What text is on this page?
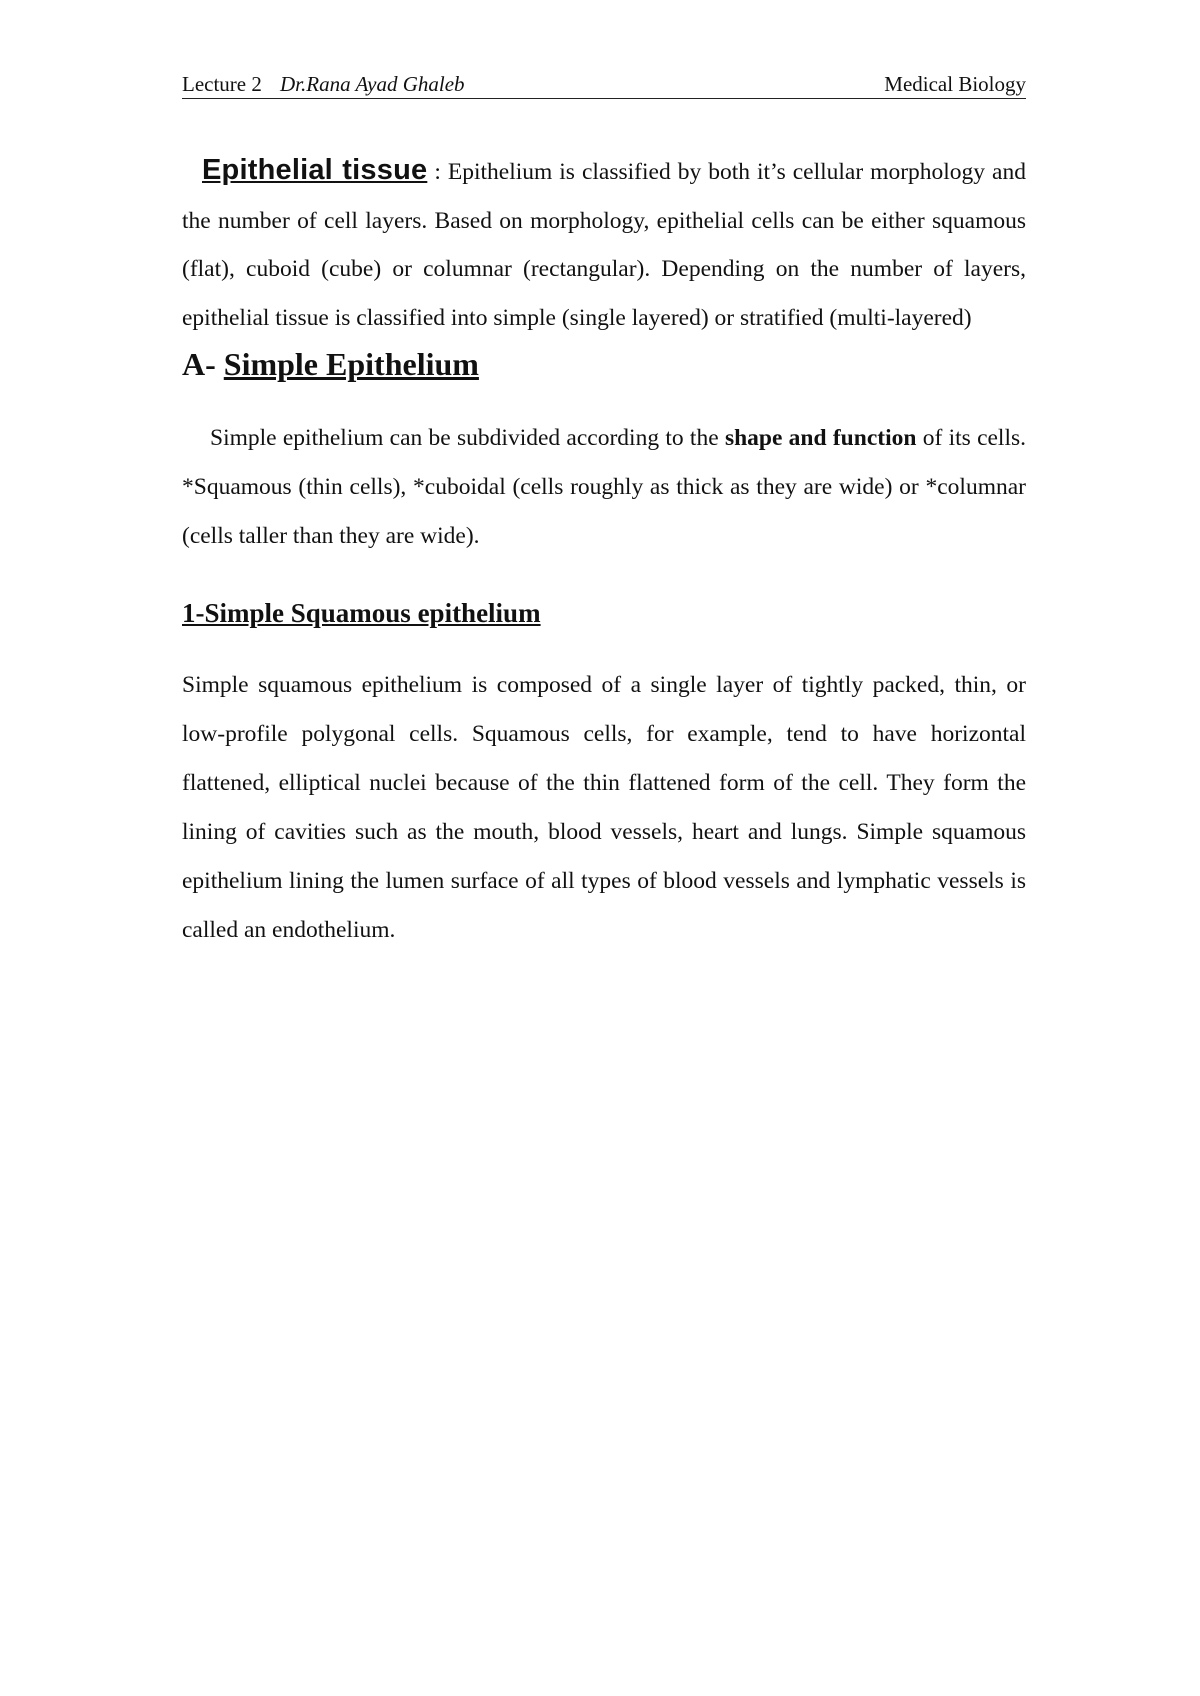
Lecture 2 Dr.Rana Ayad Ghaleb	Medical Biology

Epithelial tissue : Epithelium is classified by both it’s cellular morphology and the number of cell layers. Based on morphology, epithelial cells can be either squamous (flat), cuboid (cube) or columnar (rectangular). Depending on the number of layers, epithelial tissue is classified into simple (single layered) or stratified (multi-layered)

A- Simple Epithelium

Simple epithelium can be subdivided according to the shape and function of its cells. *Squamous (thin cells), *cuboidal (cells roughly as thick as they are wide) or *columnar (cells taller than they are wide).

1-Simple Squamous epithelium

Simple squamous epithelium is composed of a single layer of tightly packed, thin, or low-profile polygonal cells. Squamous cells, for example, tend to have horizontal flattened, elliptical nuclei because of the thin flattened form of the cell. They form the lining of cavities such as the mouth, blood vessels, heart and lungs. Simple squamous epithelium lining the lumen surface of all types of blood vessels and lymphatic vessels is called an endothelium.
